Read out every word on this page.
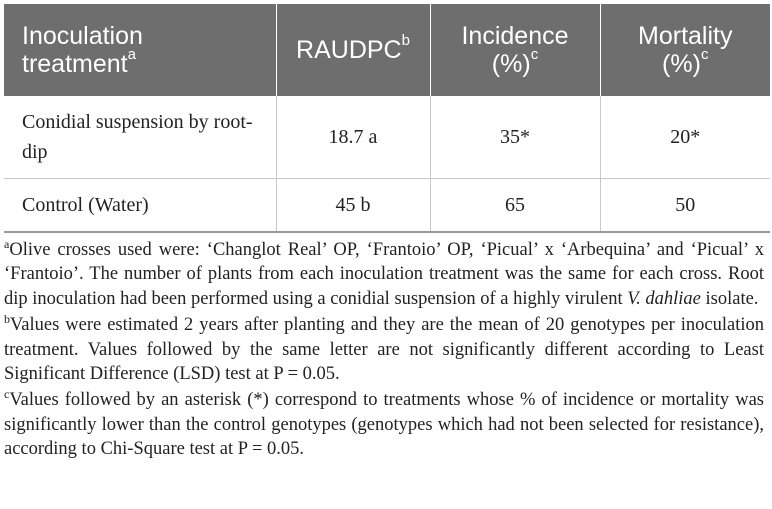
Inoculation treatment$^a$	RAUDPC$^b$	Incidence (%)$^c$	Mortality (%)$^c$
Conidial suspension by root-dip	18.7 a	35*	20*
Control (Water)	45 b	65	50

$^a$Olive crosses used were: ‘Changlot Real’ OP, ‘Frantoio’ OP, ‘Picual’ x ‘Arbequina’ and ‘Picual’ x ‘Frantoio’. The number of plants from each inoculation treatment was the same for each cross. Root dip inoculation had been performed using a conidial suspension of a highly virulent V. dahliae isolate.

$^b$Values were estimated 2 years after planting and they are the mean of 20 genotypes per inoculation treatment. Values followed by the same letter are not significantly different according to Least Significant Difference (LSD) test at P = 0.05.

$^c$Values followed by an asterisk (*) correspond to treatments whose % of incidence or mortality was significantly lower than the control genotypes (genotypes which had not been selected for resistance), according to Chi-Square test at P = 0.05.
